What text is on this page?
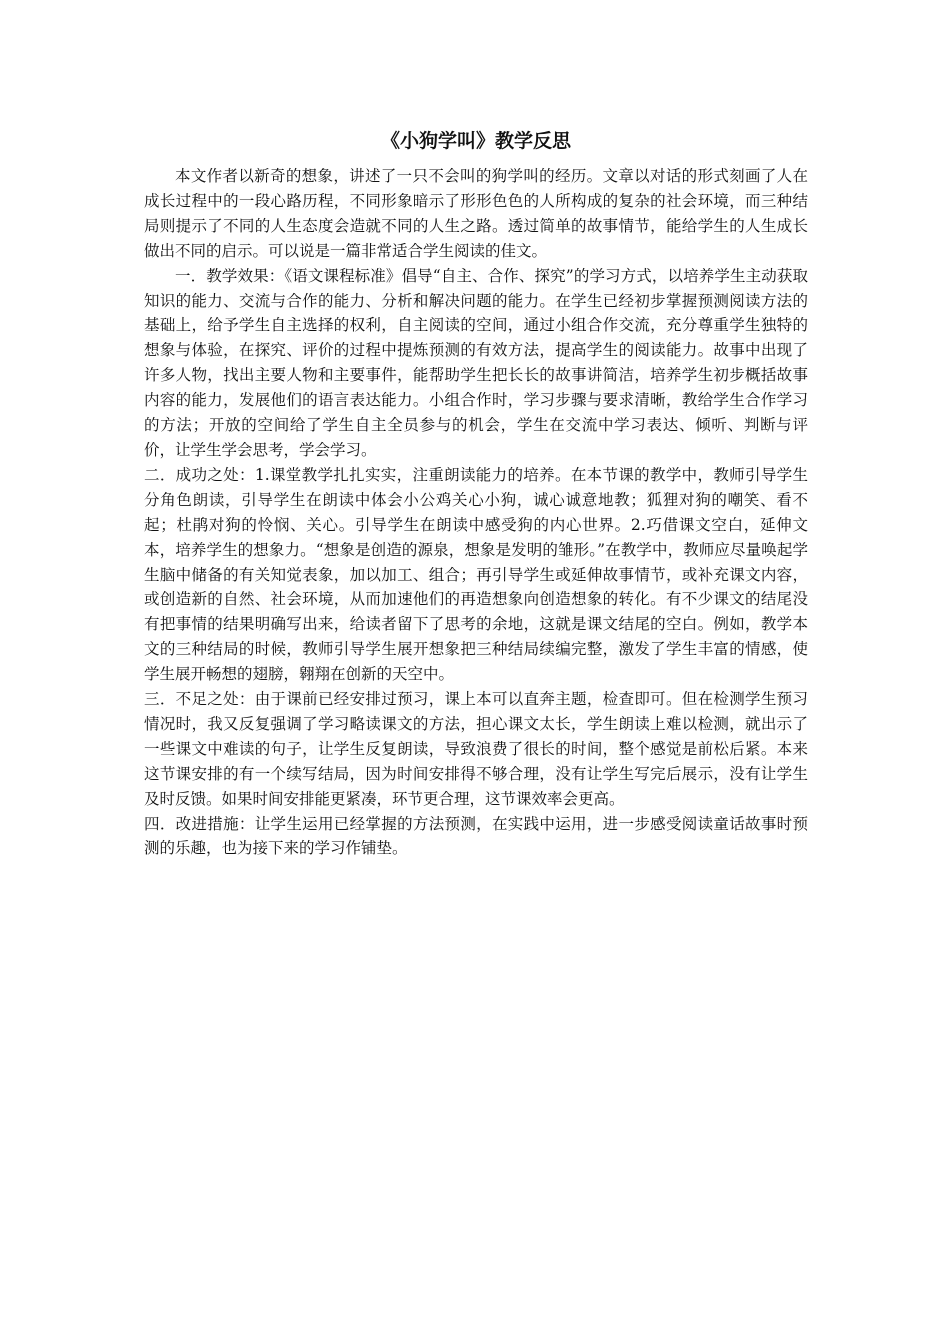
《小狗学叫》教学反思

本文作者以新奇的想象，讲述了一只不会叫的狗学叫的经历。文章以对话的形式刻画了人在成长过程中的一段心路历程，不同形象暗示了形形色色的人所构成的复杂的社会环境，而三种结局则提示了不同的人生态度会造就不同的人生之路。透过简单的故事情节，能给学生的人生成长做出不同的启示。可以说是一篇非常适合学生阅读的佳文。

一．教学效果：《语文课程标准》倡导“自主、合作、探究”的学习方式，以培养学生主动获取知识的能力、交流与合作的能力、分析和解决问题的能力。在学生已经初步掌握预测阅读方法的基础上，给予学生自主选择的权利，自主阅读的空间，通过小组合作交流，充分尊重学生独特的想象与体验，在探究、评价的过程中提炼预测的有效方法，提高学生的阅读能力。故事中出现了许多人物，找出主要人物和主要事件，能帮助学生把长长的故事讲简洁，培养学生初步概括故事内容的能力，发展他们的语言表达能力。小组合作时，学习步骤与要求清晰，教给学生合作学习的方法；开放的空间给了学生自主全员参与的机会，学生在交流中学习表达、倾听、判断与评价，让学生学会思考，学会学习。

二．成功之处：1.课堂教学扎扎实实，注重朗读能力的培养。在本节课的教学中，教师引导学生分角色朗读，引导学生在朗读中体会小公鸡关心小狗，诚心诚意地教；狐狸对狗的嘲笑、看不起；杜鹃对狗的怜悯、关心。引导学生在朗读中感受狗的内心世界。2.巧借课文空白，延伸文本，培养学生的想象力。“想象是创造的源泉，想象是发明的雏形。”在教学中，教师应尽量唤起学生脑中储备的有关知觉表象，加以加工、组合；再引导学生或延伸故事情节，或补充课文内容，或创造新的自然、社会环境，从而加速他们的再造想象向创造想象的转化。有不少课文的结尾没有把事情的结果明确写出来，给读者留下了思考的余地，这就是课文结尾的空白。例如，教学本文的三种结局的时候，教师引导学生展开想象把三种结局续编完整，激发了学生丰富的情感，使学生展开畅想的翅膀，翱翔在创新的天空中。

三．不足之处：由于课前已经安排过预习，课上本可以直奔主题，检查即可。但在检测学生预习情况时，我又反复强调了学习略读课文的方法，担心课文太长，学生朗读上难以检测，就出示了一些课文中难读的句子，让学生反复朗读，导致浪费了很长的时间，整个感觉是前松后紧。本来这节课安排的有一个续写结局，因为时间安排得不够合理，没有让学生写完后展示，没有让学生及时反馈。如果时间安排能更紧凑，环节更合理，这节课效率会更高。

四．改进措施：让学生运用已经掌握的方法预测，在实践中运用，进一步感受阅读童话故事时预测的乐趣，也为接下来的学习作铺垫。
